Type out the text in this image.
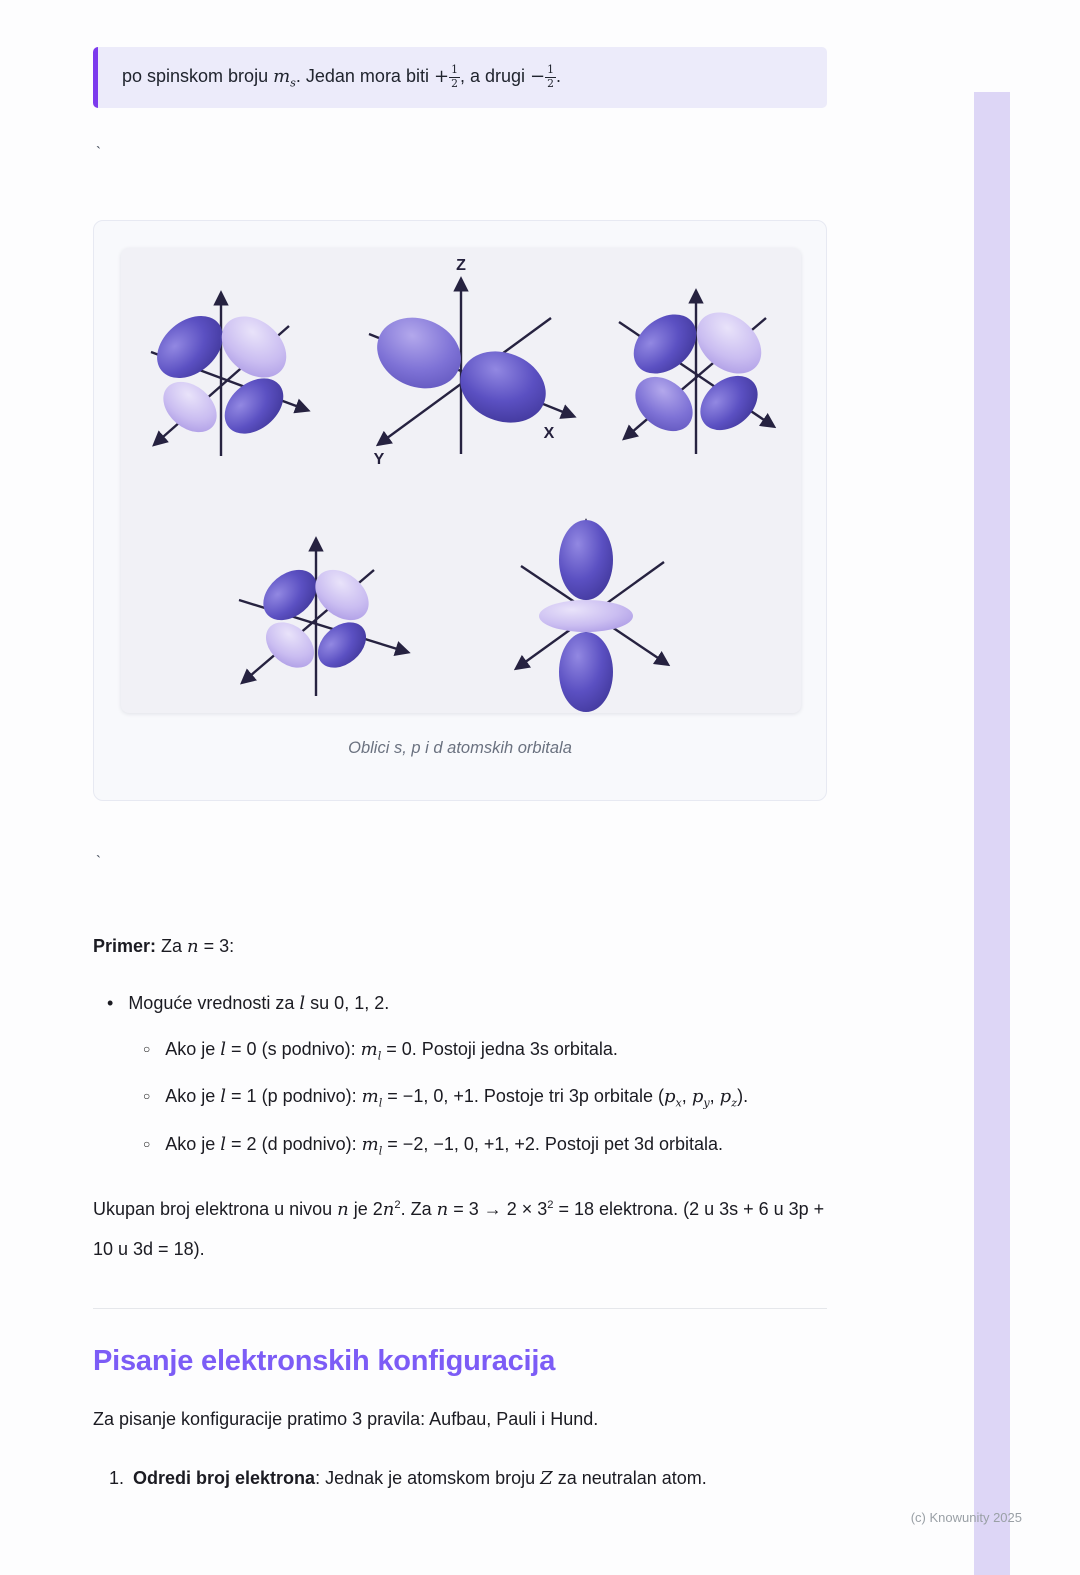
po spinskom broju $m_s$. Jedan mora biti + $\frac{1}{2}$ , a drugi − $\frac{1}{2}$ .
`
Z
X
Y
Oblici s, p i d atomskih orbitala
`

Primer: Za n = 3:

• Moguće vrednosti za l su 0, 1, 2.
○ Ako je l = 0 (s podnivo): $m_l = 0$. Postoji jedna 3s orbitala.
○ Ako je l = 1 (p podnivo): $m_l = -1$, 0, +1. Postoje tri 3p orbitale ($p_x$, $p_y$, $p_z$).
○ Ako je l = 2 (d podnivo): $m_l = -2$, −1, 0, +1, +2. Postoji pet 3d orbitala.

Ukupan broj elektrona u nivou n je $2n^2$. Za $n = 3 \to 2 \times 3^2 = 18$ elektrona. (2 u 3s + 6 u 3p + 10 u 3d = 18).

Pisanje elektronskih konfiguracija

Za pisanje konfiguracije pratimo 3 pravila: Aufbau, Pauli i Hund.

1. Odredi broj elektrona: Jednak je atomskom broju Z za neutralan atom.
(c) Knowunity 2025
